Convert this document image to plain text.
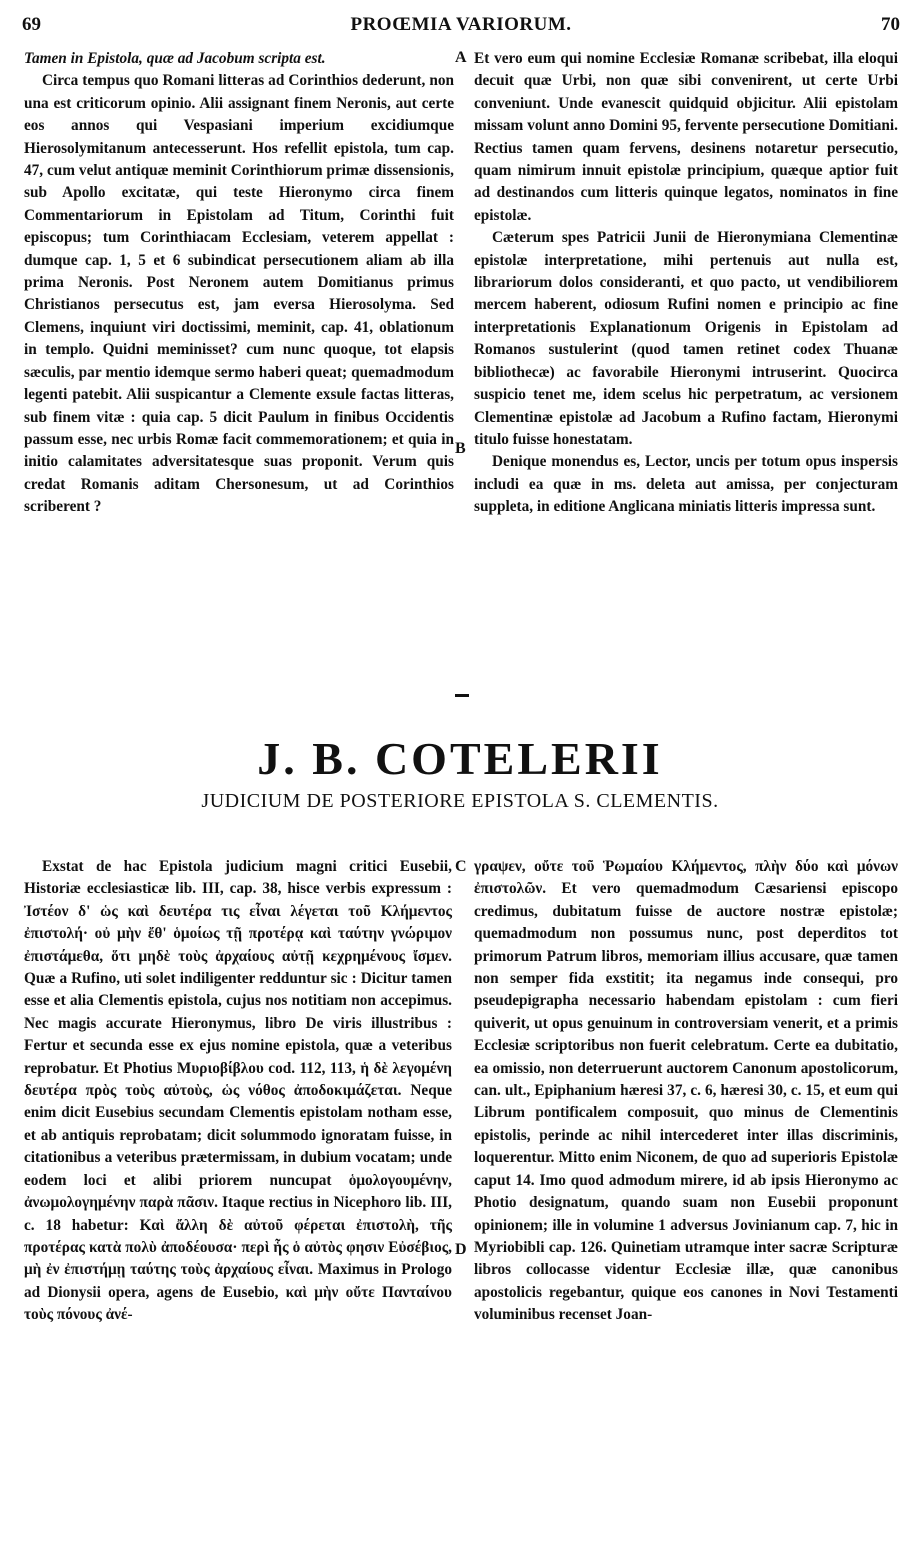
69	PROŒMIA VARIORUM.	70
A
B
C
D

Tamen in Epistola, quæ ad Jacobum scripta est.

Circa tempus quo Romani litteras ad Corinthios dederunt, non una est criticorum opinio. Alii assignant finem Neronis, aut certe eos annos qui Vespasiani imperium excidiumque Hierosolymitanum antecesserunt. Hos refellit epistola, tum cap. 47, cum velut antiquæ meminit Corinthiorum primæ dissensionis, sub Apollo excitatæ, qui teste Hieronymo circa finem Commentariorum in Epistolam ad Titum, Corinthi fuit episcopus; tum Corinthiacam Ecclesiam, veterem appellat : dumque cap. 1, 5 et 6 subindicat persecutionem aliam ab illa prima Neronis. Post Neronem autem Domitianus primus Christianos persecutus est, jam eversa Hierosolyma. Sed Clemens, inquiunt viri doctissimi, meminit, cap. 41, oblationum in templo. Quidni meminisset? cum nunc quoque, tot elapsis sæculis, par mentio idemque sermo haberi queat; quemadmodum legenti patebit. Alii suspicantur a Clemente exsule factas litteras, sub finem vitæ : quia cap. 5 dicit Paulum in finibus Occidentis passum esse, nec urbis Romæ facit commemorationem; et quia in initio calamitates adversitatesque suas proponit. Verum quis credat Romanis aditam Chersonesum, ut ad Corinthios scriberent ?

Et vero eum qui nomine Ecclesiæ Romanæ scribebat, illa eloqui decuit quæ Urbi, non quæ sibi convenirent, ut certe Urbi conveniunt. Unde evanescit quidquid objicitur. Alii epistolam missam volunt anno Domini 95, fervente persecutione Domitiani. Rectius tamen quam fervens, desinens notaretur persecutio, quam nimirum innuit epistolæ principium, quæque aptior fuit ad destinandos cum litteris quinque legatos, nominatos in fine epistolæ.

Cæterum spes Patricii Junii de Hieronymiana Clementinæ epistolæ interpretatione, mihi pertenuis aut nulla est, librariorum dolos consideranti, et quo pacto, ut vendibiliorem mercem haberent, odiosum Rufini nomen e principio ac fine interpretationis Explanationum Origenis in Epistolam ad Romanos sustulerint (quod tamen retinet codex Thuanæ bibliothecæ) ac favorabile Hieronymi intruserint. Quocirca suspicio tenet me, idem scelus hic perpetratum, ac versionem Clementinæ epistolæ ad Jacobum a Rufino factam, Hieronymi titulo fuisse honestatam.

Denique monendus es, Lector, uncis per totum opus inspersis includi ea quæ in ms. deleta aut amissa, per conjecturam suppleta, in editione Anglicana miniatis litteris impressa sunt.

J. B. COTELERII
JUDICIUM DE POSTERIORE EPISTOLA S. CLEMENTIS.

Exstat de hac Epistola judicium magni critici Eusebii, Historiæ ecclesiasticæ lib. III, cap. 38, hisce verbis expressum : Ἰστέον δ' ὡς καὶ δευτέρα τις εἶναι λέγεται τοῦ Κλήμεντος ἐπιστολή· οὐ μὴν ἔθ' ὁμοίως τῇ προτέρᾳ καὶ ταύτην γνώριμον ἐπιστάμεθα, ὅτι μηδὲ τοὺς ἀρχαίους αὐτῇ κεχρημένους ἴσμεν. Quæ a Rufino, uti solet indiligenter redduntur sic : Dicitur tamen esse et alia Clementis epistola, cujus nos notitiam non accepimus. Nec magis accurate Hieronymus, libro De viris illustribus : Fertur et secunda esse ex ejus nomine epistola, quæ a veteribus reprobatur. Et Photius Μυριοβίβλου cod. 112, 113, ἡ δὲ λεγομένη δευτέρα πρὸς τοὺς αὐτοὺς, ὡς νόθος ἀποδοκιμάζεται. Neque enim dicit Eusebius secundam Clementis epistolam notham esse, et ab antiquis reprobatam; dicit solummodo ignoratam fuisse, in citationibus a veteribus prætermissam, in dubium vocatam; unde eodem loci et alibi priorem nuncupat ὁμολογουμένην, ἀνωμολογημένην παρὰ πᾶσιν. Itaque rectius in Nicephoro lib. III, c. 18 habetur: Καὶ ἄλλη δὲ αὐτοῦ φέρεται ἐπιστολὴ, τῆς προτέρας κατὰ πολὺ ἀποδέουσα· περὶ ἧς ὁ αὐτὸς φησιν Εὐσέβιος, μὴ ἐν ἐπιστήμῃ ταύτης τοὺς ἀρχαίους εἶναι. Maximus in Prologo ad Dionysii opera, agens de Eusebio, καὶ μὴν οὔτε Πανταίνου τοὺς πόνους ἀνέ-

γραψεν, οὔτε τοῦ Ῥωμαίου Κλήμεντος, πλὴν δύο καὶ μόνων ἐπιστολῶν. Et vero quemadmodum Cæsariensi episcopo credimus, dubitatum fuisse de auctore nostræ epistolæ; quemadmodum non possumus nunc, post deperditos tot primorum Patrum libros, memoriam illius accusare, quæ tamen non semper fida exstitit; ita negamus inde consequi, pro pseudepigrapha necessario habendam epistolam : cum fieri quiverit, ut opus genuinum in controversiam venerit, et a primis Ecclesiæ scriptoribus non fuerit celebratum. Certe ea dubitatio, ea omissio, non deterruerunt auctorem Canonum apostolicorum, can. ult., Epiphanium hæresi 37, c. 6, hæresi 30, c. 15, et eum qui Librum pontificalem composuit, quo minus de Clementinis epistolis, perinde ac nihil intercederet inter illas discriminis, loquerentur. Mitto enim Niconem, de quo ad superioris Epistolæ caput 14. Imo quod admodum mirere, id ab ipsis Hieronymo ac Photio designatum, quando suam non Eusebii proponunt opinionem; ille in volumine 1 adversus Jovinianum cap. 7, hic in Myriobibli cap. 126. Quinetiam utramque inter sacræ Scripturæ libros collocasse videntur Ecclesiæ illæ, quæ canonibus apostolicis regebantur, quique eos canones in Novi Testamenti voluminibus recenset Joan-
